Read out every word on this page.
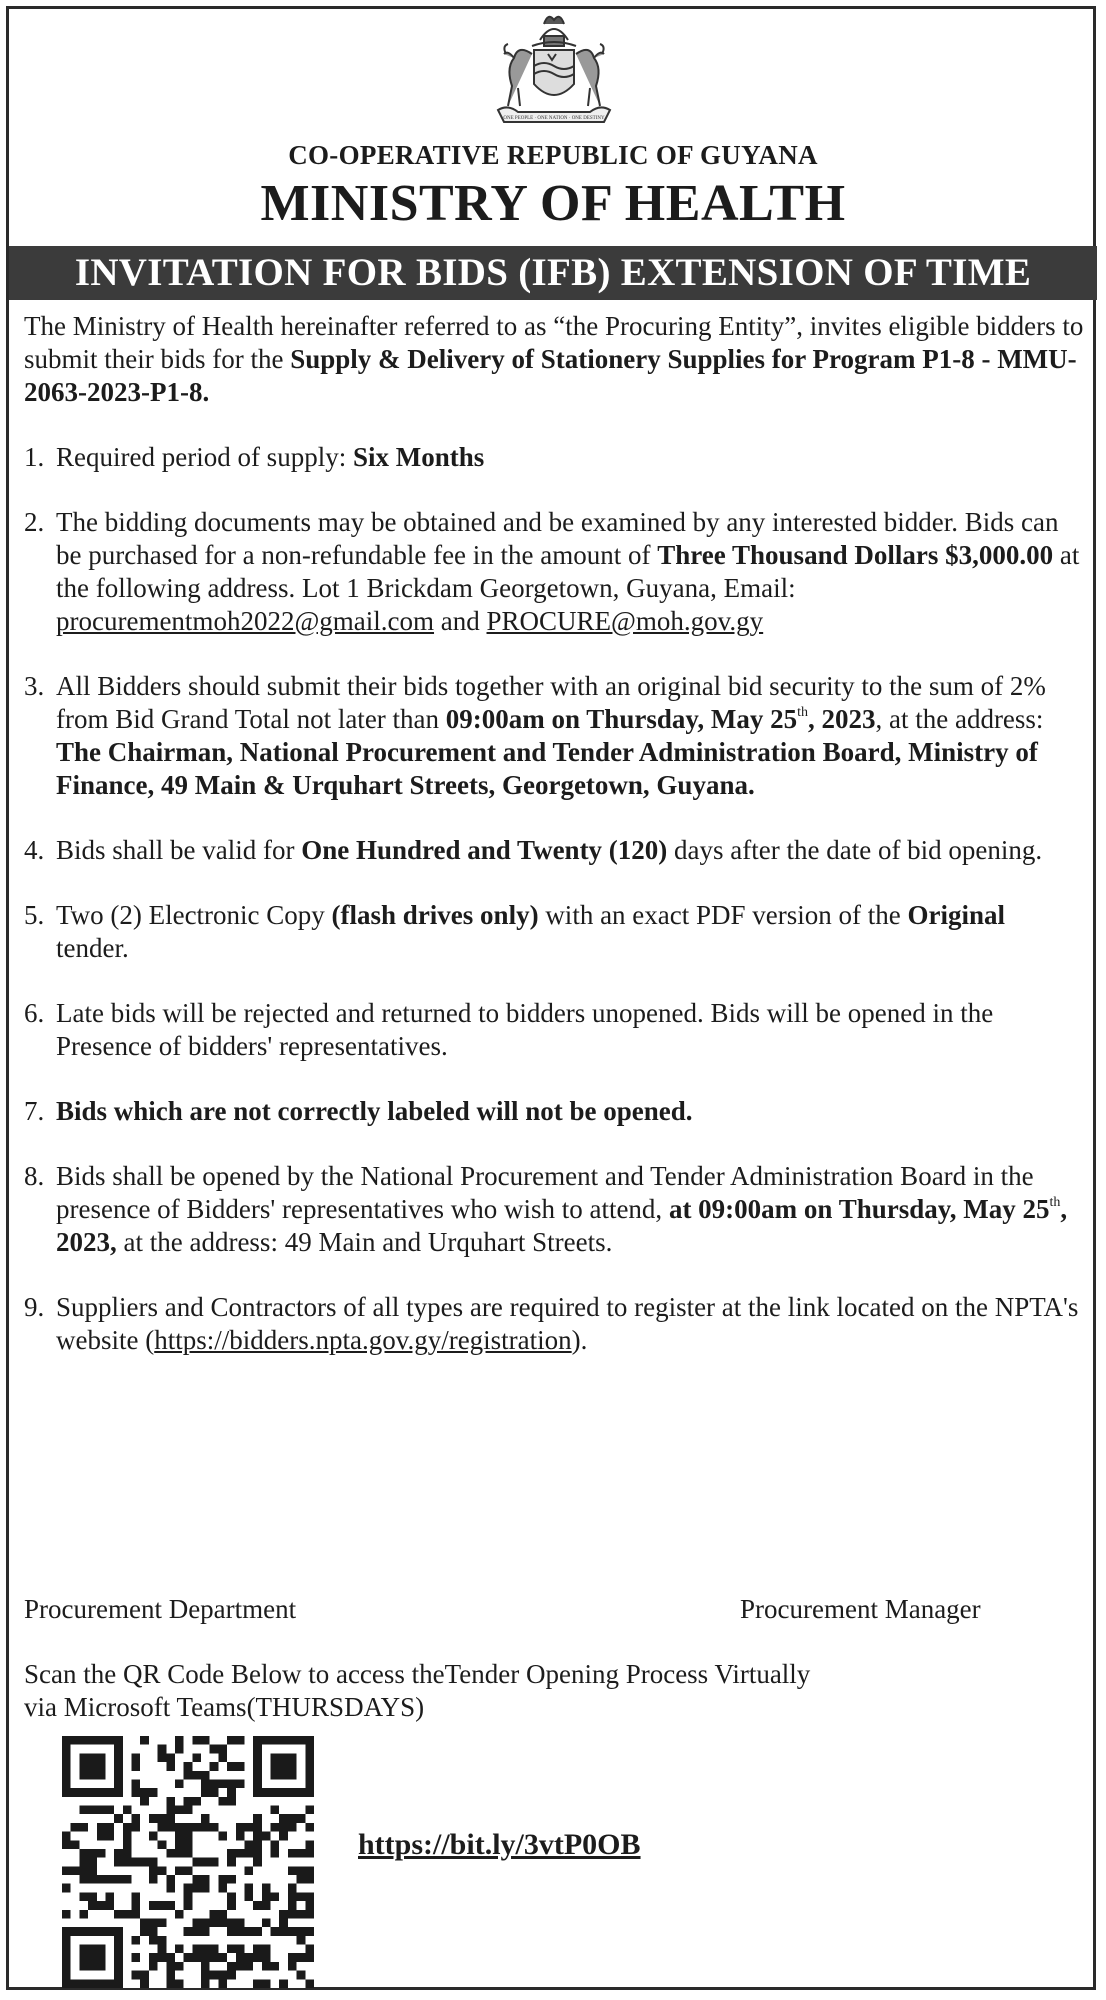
ONE PEOPLE · ONE NATION · ONE DESTINY
CO-OPERATIVE REPUBLIC OF GUYANA
MINISTRY OF HEALTH
INVITATION FOR BIDS (IFB) EXTENSION OF TIME

The Ministry of Health hereinafter referred to as “the Procuring Entity”, invites eligible bidders to submit their bids for the Supply & Delivery of Stationery Supplies for Program P1-8 - MMU-2063-2023-P1-8.

1. Required period of supply: Six Months
2. The bidding documents may be obtained and be examined by any interested bidder. Bids can be purchased for a non-refundable fee in the amount of Three Thousand Dollars $3,000.00 at the following address. Lot 1 Brickdam Georgetown, Guyana, Email: procurementmoh2022@gmail.com and PROCURE@moh.gov.gy
3. All Bidders should submit their bids together with an original bid security to the sum of 2% from Bid Grand Total not later than 09:00am on Thursday, May 25th, 2023, at the address: The Chairman, National Procurement and Tender Administration Board, Ministry of Finance, 49 Main & Urquhart Streets, Georgetown, Guyana.
4. Bids shall be valid for One Hundred and Twenty (120) days after the date of bid opening.
5. Two (2) Electronic Copy (flash drives only) with an exact PDF version of the Original tender.
6. Late bids will be rejected and returned to bidders unopened. Bids will be opened in the Presence of bidders' representatives.
7. Bids which are not correctly labeled will not be opened.
8. Bids shall be opened by the National Procurement and Tender Administration Board in the presence of Bidders' representatives who wish to attend, at 09:00am on Thursday, May 25th, 2023, at the address: 49 Main and Urquhart Streets.
9. Suppliers and Contractors of all types are required to register at the link located on the NPTA's website (https://bidders.npta.gov.gy/registration).
Procurement Department	Procurement Manager
Scan the QR Code Below to access theTender Opening Process Virtually
via Microsoft Teams(THURSDAYS)
https://bit.ly/3vtP0OB
